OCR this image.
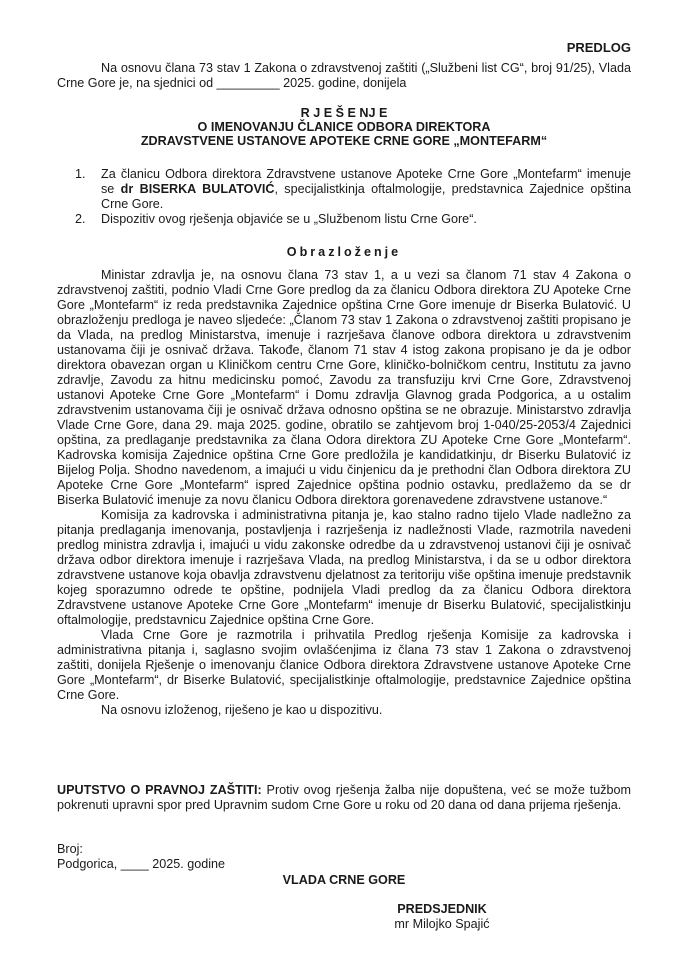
PREDLOG

Na osnovu člana 73 stav 1 Zakona o zdravstvenoj zaštiti („Službeni list CG“, broj 91/25), Vlada Crne Gore je, na sjednici od _________ 2025. godine, donijela

R J E Š E NJ E
O IMENOVANJU ČLANICE ODBORA DIREKTORA
ZDRAVSTVENE USTANOVE APOTEKE CRNE GORE „MONTEFARM“
1. Za članicu Odbora direktora Zdravstvene ustanove Apoteke Crne Gore „Montefarm“ imenuje se dr BISERKA BULATOVIĆ, specijalistkinja oftalmologije, predstavnica Zajednice opština Crne Gore.
2. Dispozitiv ovog rješenja objaviće se u „Službenom listu Crne Gore“.
Obrazloženje

Ministar zdravlja je, na osnovu člana 73 stav 1, a u vezi sa članom 71 stav 4 Zakona o zdravstvenoj zaštiti, podnio Vladi Crne Gore predlog da za članicu Odbora direktora ZU Apoteke Crne Gore „Montefarm“ iz reda predstavnika Zajednice opština Crne Gore imenuje dr Biserka Bulatović. U obrazloženju predloga je naveo sljedeće: „Članom 73 stav 1 Zakona o zdravstvenoj zaštiti propisano je da Vlada, na predlog Ministarstva, imenuje i razrješava članove odbora direktora u zdravstvenim ustanovama čiji je osnivač država. Takođe, članom 71 stav 4 istog zakona propisano je da je odbor direktora obavezan organ u Kliničkom centru Crne Gore, kliničko-bolničkom centru, Institutu za javno zdravlje, Zavodu za hitnu medicinsku pomoć, Zavodu za transfuziju krvi Crne Gore, Zdravstvenoj ustanovi Apoteke Crne Gore „Montefarm“ i Domu zdravlja Glavnog grada Podgorica, a u ostalim zdravstvenim ustanovama čiji je osnivač država odnosno opština se ne obrazuje. Ministarstvo zdravlja Vlade Crne Gore, dana 29. maja 2025. godine, obratilo se zahtjevom broj 1-040/25-2053/4 Zajednici opština, za predlaganje predstavnika za člana Odora direktora ZU Apoteke Crne Gore „Montefarm“. Kadrovska komisija Zajednice opština Crne Gore predložila je kandidatkinju, dr Biserku Bulatović iz Bijelog Polja. Shodno navedenom, a imajući u vidu činjenicu da je prethodni član Odbora direktora ZU Apoteke Crne Gore „Montefarm“ ispred Zajednice opština podnio ostavku, predlažemo da se dr Biserka Bulatović imenuje za novu članicu Odbora direktora gorenavedene zdravstvene ustanove.“

Komisija za kadrovska i administrativna pitanja je, kao stalno radno tijelo Vlade nadležno za pitanja predlaganja imenovanja, postavljenja i razrješenja iz nadležnosti Vlade, razmotrila navedeni predlog ministra zdravlja i, imajući u vidu zakonske odredbe da u zdravstvenoj ustanovi čiji je osnivač država odbor direktora imenuje i razrješava Vlada, na predlog Ministarstva, i da se u odbor direktora zdravstvene ustanove koja obavlja zdravstvenu djelatnost za teritoriju više opština imenuje predstavnik kojeg sporazumno odrede te opštine, podnijela Vladi predlog da za članicu Odbora direktora Zdravstvene ustanove Apoteke Crne Gore „Montefarm“ imenuje dr Biserku Bulatović, specijalistkinju oftalmologije, predstavnicu Zajednice opština Crne Gore.

Vlada Crne Gore je razmotrila i prihvatila Predlog rješenja Komisije za kadrovska i administrativna pitanja i, saglasno svojim ovlašćenjima iz člana 73 stav 1 Zakona o zdravstvenoj zaštiti, donijela Rješenje o imenovanju članice Odbora direktora Zdravstvene ustanove Apoteke Crne Gore „Montefarm“, dr Biserke Bulatović, specijalistkinje oftalmologije, predstavnice Zajednice opština Crne Gore.

Na osnovu izloženog, riješeno je kao u dispozitivu.

UPUTSTVO O PRAVNOJ ZAŠTITI: Protiv ovog rješenja žalba nije dopuštena, već se može tužbom pokrenuti upravni spor pred Upravnim sudom Crne Gore u roku od 20 dana od dana prijema rješenja.
Broj:
Podgorica, ____ 2025. godine
VLADA CRNE GORE
PREDSJEDNIK
mr Milojko Spajić
